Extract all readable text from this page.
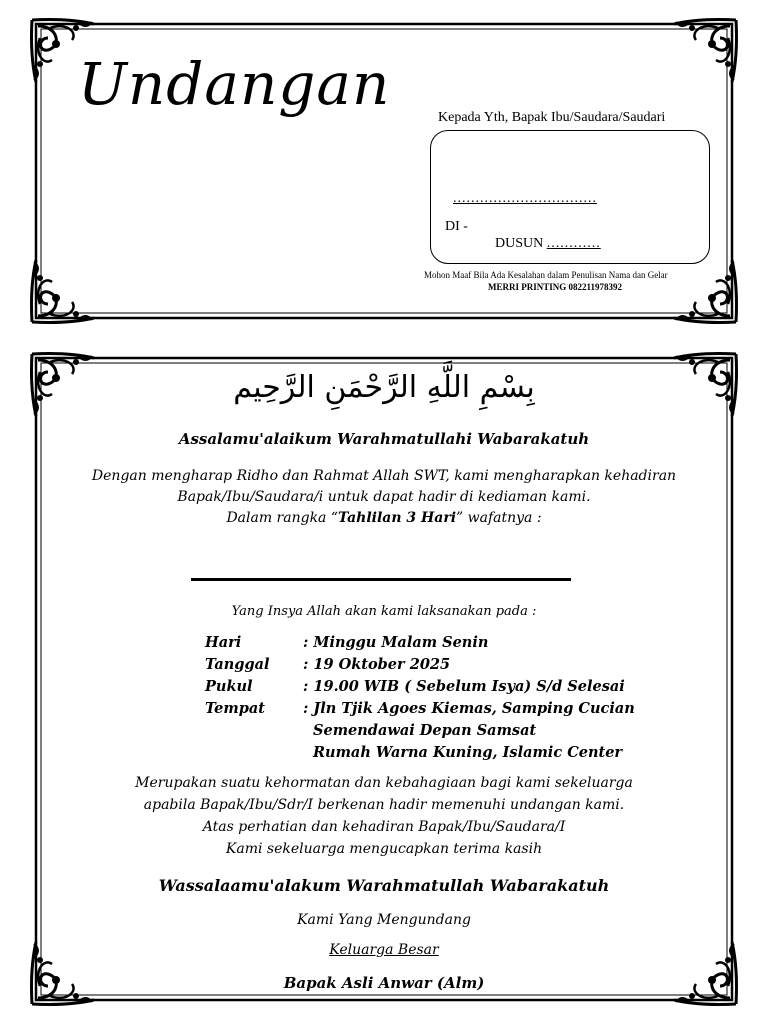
Undangan	Kepada Yth, Bapak Ibu/Saudara/Saudari
................................
DI -
DUSUN ............
Mohon Maaf Bila Ada Kesalahan dalam Penulisan Nama dan Gelar
MERRI PRINTING 082211978392
بِسْمِ اللَّهِ الرَّحْمَنِ الرَّحِيم
Assalamu'alaikum Warahmatullahi Wabarakatuh
Dengan mengharap Ridho dan Rahmat Allah SWT, kami mengharapkan kehadiran
Bapak/Ibu/Saudara/i untuk dapat hadir di kediaman kami.
Dalam rangka “Tahlilan 3 Hari” wafatnya :
Yang Insya Allah akan kami laksanakan pada :
Hari	: Minggu Malam Senin
Tanggal	: 19 Oktober 2025
Pukul	: 19.00 WIB ( Sebelum Isya) S/d Selesai
Tempat	: Jln Tjik Agoes Kiemas, Samping Cucian
Semendawai Depan Samsat
Rumah Warna Kuning, Islamic Center
Merupakan suatu kehormatan dan kebahagiaan bagi kami sekeluarga
apabila Bapak/Ibu/Sdr/I berkenan hadir memenuhi undangan kami.
Atas perhatian dan kehadiran Bapak/Ibu/Saudara/I
Kami sekeluarga mengucapkan terima kasih
Wassalaamu'alakum Warahmatullah Wabarakatuh
Kami Yang Mengundang
Keluarga Besar
Bapak Asli Anwar (Alm)
